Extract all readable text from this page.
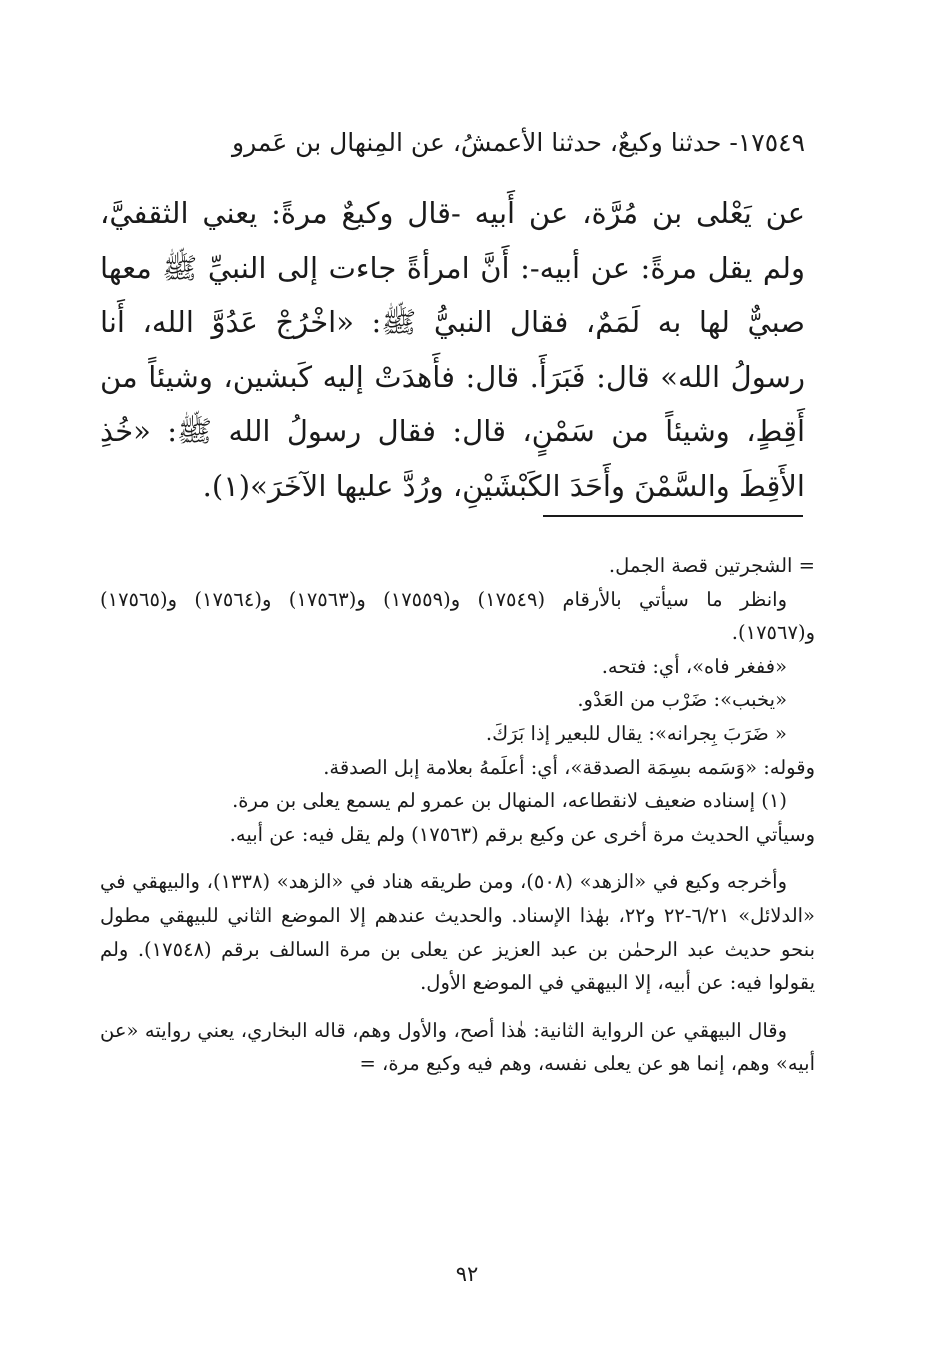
١٧٥٤٩- حدثنا وكيعٌ، حدثنا الأعمشُ، عن المِنهال بن عَمرو

عن يَعْلى بن مُرَّة، عن أَبيه -قال وكيعٌ مرةً: يعني الثقفيَّ، ولم يقل مرةً: عن أبيه-: أَنَّ امرأةً جاءت إلى النبيِّ ﷺ معها صبيٌّ لها به لَمَمٌ، فقال النبيُّ ﷺ: «اخْرُجْ عَدُوَّ الله، أَنا رسولُ الله» قال: فَبَرَأَ. قال: فأَهدَتْ إليه كَبشين، وشيئاً من أَقِطٍ، وشيئاً من سَمْنٍ، قال: فقال رسولُ الله ﷺ: «خُذِ الأَقِطَ والسَّمْنَ وأَحَدَ الكَبْشَيْنِ، ورُدَّ عليها الآخَرَ»(١).

= الشجرتين قصة الجمل.

وانظر ما سيأتي بالأرقام (١٧٥٤٩) و(١٧٥٥٩) و(١٧٥٦٣) و(١٧٥٦٤) و(١٧٥٦٥) و(١٧٥٦٧).

«ففغر فاه»، أي: فتحه.

«يخبب»: ضَرْب من العَدْو.

« ضَرَبَ بِجرانه»: يقال للبعير إذا بَرَكَ.

وقوله: «وَسَمه بسِمَة الصدقة»، أي: أعلَمهُ بعلامة إبل الصدقة.

(١) إسناده ضعيف لانقطاعه، المنهال بن عمرو لم يسمع يعلى بن مرة.

وسيأتي الحديث مرة أخرى عن وكيع برقم (١٧٥٦٣) ولم يقل فيه: عن أبيه.

وأخرجه وكيع في «الزهد» (٥٠٨)، ومن طريقه هناد في «الزهد» (١٣٣٨)، والبيهقي في «الدلائل» ٦/٢١-٢٢ و٢٢، بهٰذا الإسناد. والحديث عندهم إلا الموضع الثاني للبيهقي مطول بنحو حديث عبد الرحمٰن بن عبد العزيز عن يعلى بن مرة السالف برقم (١٧٥٤٨). ولم يقولوا فيه: عن أبيه، إلا البيهقي في الموضع الأول.

وقال البيهقي عن الرواية الثانية: هٰذا أصح، والأول وهم، قاله البخاري، يعني روايته «عن أبيه» وهم، إنما هو عن يعلى نفسه، وهم فيه وكيع مرة، =

٩٢
